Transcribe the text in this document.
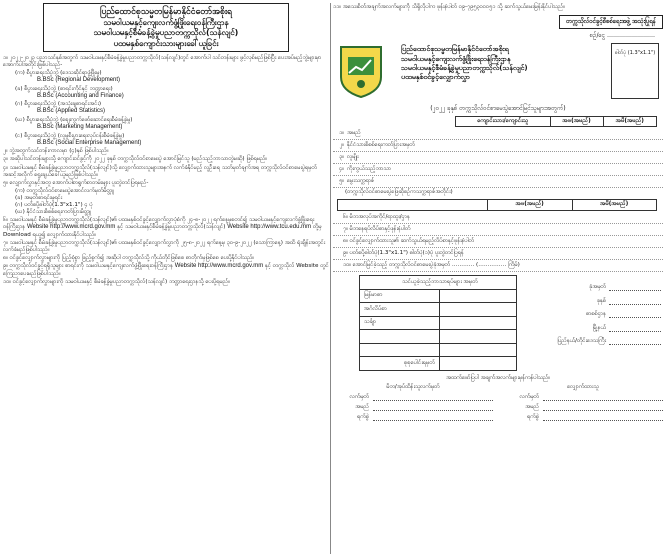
ပြည်ထောင်စုသမ္မတမြန်မာနိုင်ငံတော်အစိုးရ
သမဝါယမနှင့်ကျေးလက်ဖွံ့ဖြိုးရေးဝန်ကြီးဌာန
သမဝါယမနှင့်စီမံခန့်ခွဲမှုပညာတက္ကသိုလ်(သန်လျင်)
ပထမနှစ်ကျောင်းသားများခေါ်ယူခြင်း
၁။ ၂၀၂၂-၂၀၂၃ ပညာသင်နှစ်အတွက် သမဝါယမနှင့်စီမံခန့်ခွဲမှုပညာတက္ကသိုလ်(သန်လျင်)တွင် အောက်ပါ သင်တန်းများ ဖွင့်လှစ်မည်ဖြစ်ပြီး ပေးအပ်မည့်ဘွဲ့များမှာ အောက်ပါအတိုင်းဖြစ်ပါသည်-
(က) စီပွားရေးသိပ္ပံဘွဲ့ (ဒေသဆိုင်ရာဖွံ့ဖြိုးမှု)
B.BSc (Regional Development)
(ခ) စီပွားရေးသိပ္ပံဘွဲ့ (စာရင်းကိုင်နှင့် ဘဏ္ဍာရေး)
B.BSc (Accounting and Finance)
(ဂ) စီပွားရေးသိပ္ပံဘွဲ့ (အသုံးချစာရင်းအင်း)
B.BSc (Applied Statistics)
(ဃ) စီပွားရေးသိပ္ပံဘွဲ့ (စျေးကွက်ဖော်ဆောင်ရေးစီမံခန့်ခွဲမှု)
B.BSc (Marketing Management)
(င) စီပွားရေးသိပ္ပံဘွဲ့ (လူမှုစီးပွားရေးလုပ်ငန်းစီမံခန့်ခွဲမှု)
B.BSc (Social Enterprise Management)
၂။ ဘွဲ့အတွက်သင်တန်းကာလမှာ (၄)နှစ် ဖြစ်ပါသည်။
၃။ အဆိုပါသင်တန်းများသို့ ကျောင်းဝင်ခွင့်ကို ၂၀၂၂ ခုနှစ် တက္ကသိုလ်ဝင်စာမေးပွဲ အောင်မြင်သူ (မည်သည့်ဘာသာတွဲမဆို) ဖြစ်ရမည်။
၄။ သမဝါယမနှင့် စီမံခန့်ခွဲမှုပညာတက္ကသိုလ်(သန်လျင်)သို့ လျှောက်ထားသူများအနက် လက်ခံနိုင်မည့် လူဦးရေ သတ်မှတ်ချက်အရ တက္ကသိုလ်ဝင်စာမေးပွဲရမှတ်အဆင့်အလိုက် ရွေးချယ်ခေါ်ယူမည်ဖြစ်ပါသည်။
၅။ လျှောက်လွှာနှင့်အတူ အောက်ပါစာရွက်စာတမ်းများ ပူးတွဲတင်ပြရမည်-
(က) တက္ကသိုလ်ဝင်စာမေးပွဲအောင်လက်မှတ်မိတ္တူ
(ခ) အမှတ်စာရင်းမူရင်း
(ဂ) ပတ်စပို့ဓါတ်ပုံ(1.3"x1.1") ၄ ပုံ
(ဃ) နိုင်ငံသားစိစစ်ရေးကတ်ပြားမိတ္တူ
၆။ သမဝါယမနှင့် စီမံခန့်ခွဲမှုပညာတက္ကသိုလ်(သန်လျင်)၏ ပထမနှစ်ဝင်ခွင့်လျှောက်လွှာပုံစံကို ၂၄-၈-၂၀၂၂ ရက်နေ့မှစတင်၍ သမဝါယမနှင့်ကျေးလက်ဖွံ့ဖြိုးရေးဝန်ကြီးဌာန Website http://www.mcrd.gov.mm နှင့် သမဝါယမနှင့်စီမံခန့်ခွဲမှုပညာတက္ကသိုလ်(သန်လျင်) Website http://www.tcu.edu.mm တို့မှ Download ရယူ၍ လျှောက်ထားနိုင်ပါသည်။
၇။ သမဝါယမနှင့် စီမံခန့်ခွဲမှုပညာတက္ကသိုလ်(သန်လျင်)၏ ပထမနှစ်ဝင်ခွင့်လျှောက်လွှာကို ၂၅-၈-၂၀၂၂ ရက်နေ့မှ ၃၀-၉-၂၀၂၂ (သောကြာနေ့) အထိ ရုံးချိန်းအတွင်း လက်ခံမည်ဖြစ်ပါသည်။
၈။ ဝင်ခွင့်လျှောက်လွှာများကို ပြည့်စုံစွာ ဖြည့်စွက်၍ အဆိုပါ တက္ကသိုလ်သို့ ကိုယ်တိုင်ဖြစ်စေ စာတိုက်မှဖြစ်စေ ပေးပို့နိုင်ပါသည်။
၉။ တက္ကသိုလ်ဝင်ခွင့်ရရှိသူများ စာရင်းကို သမဝါယမနှင့်ကျေးလက်ဖွံ့ဖြိုးရေးဝန်ကြီးဌာန Website http://www.mcrd.gov.mm နှင့် တက္ကသိုလ် Website တွင် ကြေညာပေးမည်ဖြစ်ပါသည်။
၁၀။ ဝင်ခွင့်လျှောက်လွှာများကို သမဝါယမနှင့် စီမံခန့်ခွဲမှုပညာတက္ကသိုလ်(သန်လျင်) ဘဏ္ဍာရေးဌာနသို့ ပေးပို့ရမည်။
၁၁။ အသေးစိတ်အချက်အလက်များကို သိရှိလိုပါက ဖုန်းနံပါတ် ၀၉-၇၉၅၃၀၀၀၅၁ သို့ ဆက်သွယ်မေးမြန်းနိုင်ပါသည်။
တက္ကသိုလ်ဝင်ခွင့်စီစစ်ရေးအဖွဲ့ အသုံးပြုရန်
စဉ်/ငွေ ……………………
ပြည်ထောင်စုသမ္မတမြန်မာနိုင်ငံတော်အစိုးရ
သမဝါယမနှင့်ကျေးလက်ဖွံ့ဖြိုးရေးဝန်ကြီးဌာန
သမဝါယမနှင့်စီမံခန့်ခွဲမှုပညာတက္ကသိုလ်(သန်လျင်)
ပထမနှစ်ဝင်ခွင့်လျှောက်လွှာ
ဓါတ်ပုံ (1.3"x1.1")
(၂၀၂၂ ခုနှစ် တက္ကသိုလ်ဝင်စာမေးပွဲအောင်မြင်သူများအတွက်)
ကျောင်းသား/ကျောင်းသူ	အဖ(အမည်)	အမိ(အမည်)
၁။ အမည်
၂။ နိုင်ငံသားစိစစ်ရေးကတ်ပြားအမှတ်
၃။ လူမျိုး
၄။ ကိုးကွယ်သည့်ဘာသာ
၅။ မွေးသက္ကရာဇ်
(တက္ကသိုလ်ဝင်စာမေးပွဲဖြေဆိုစဉ်ကသက္ကရာဇ်အတိုင်း)
	အဖ(အမည်)	အမိ(အမည်)
၆။ မိဘအလုပ်အကိုင်/ရာထူး/ဌာန
၇။ မိဘနေရပ်လိပ်စာနှင့်ဖုန်းနံပါတ်
၈။ ဝင်ခွင့်လျှောက်ထားသူ၏ ဆက်သွယ်ရမည့်လိပ်စာနှင့်ဖုန်းနံပါတ်
၉။ ပတ်စပို့ဓါတ်ပုံ(1.3"x1.1") ဓါတ်ပုံ(၁)ပုံ ပူးတွဲတင်ပြရန်
၁၀။ အောင်မြင်ခဲ့သည့် တက္ကသိုလ်ဝင်စာမေးပွဲခုံအမှတ် ………… (…………… ကြိမ်)
သင်ယူခဲ့သည့်ဘာသာရပ်များ အမှတ်	
မြန်မာစာ	
အင်္ဂလိပ်စာ	
သင်္ချာ	

စုစုပေါင်းရမှတ်	
ခုံအမှတ်
ခုနှစ်
စာစစ်ဌာန
မြို့နယ်
ပြည်နယ်/တိုင်းဒေသကြီး
အထက်ဖော်ပြပါ အချက်အလက်များမှန်ကန်ပါသည်။
မိဘ/အုပ်ထိန်းသူလက်မှတ်
လက်မှတ်
အမည်
ရက်စွဲ
လျှောက်ထားသူ
လက်မှတ်
အမည်
ရက်စွဲ
